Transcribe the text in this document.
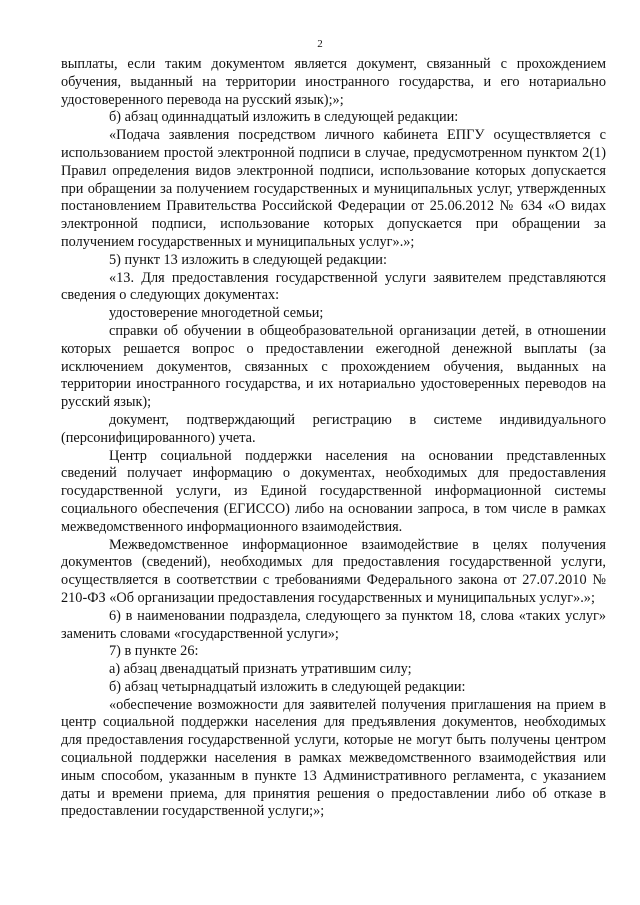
2

выплаты, если таким документом является документ, связанный с прохождением обучения, выданный на территории иностранного государства, и его нотариально удостоверенного перевода на русский язык);»;

б) абзац одиннадцатый изложить в следующей редакции:

«Подача заявления посредством личного кабинета ЕПГУ осуществляется с использованием простой электронной подписи в случае, предусмотренном пунктом 2(1) Правил определения видов электронной подписи, использование которых допускается при обращении за получением государственных и муниципальных услуг, утвержденных постановлением Правительства Российской Федерации от 25.06.2012 № 634 «О видах электронной подписи, использование которых допускается при обращении за получением государственных и муниципальных услуг».»;

5) пункт 13 изложить в следующей редакции:

«13. Для предоставления государственной услуги заявителем представляются сведения о следующих документах:

удостоверение многодетной семьи;

справки об обучении в общеобразовательной организации детей, в отношении которых решается вопрос о предоставлении ежегодной денежной выплаты (за исключением документов, связанных с прохождением обучения, выданных на территории иностранного государства, и их нотариально удостоверенных переводов на русский язык);

документ, подтверждающий регистрацию в системе индивидуального (персонифицированного) учета.

Центр социальной поддержки населения на основании представленных сведений получает информацию о документах, необходимых для предоставления государственной услуги, из Единой государственной информационной системы социального обеспечения (ЕГИССО) либо на основании запроса, в том числе в рамках межведомственного информационного взаимодействия.

Межведомственное информационное взаимодействие в целях получения документов (сведений), необходимых для предоставления государственной услуги, осуществляется в соответствии с требованиями Федерального закона от 27.07.2010 № 210-ФЗ «Об организации предоставления государственных и муниципальных услуг».»;

6) в наименовании подраздела, следующего за пунктом 18, слова «таких услуг» заменить словами «государственной услуги»;

7) в пункте 26:

а) абзац двенадцатый признать утратившим силу;

б) абзац четырнадцатый изложить в следующей редакции:

«обеспечение возможности для заявителей получения приглашения на прием в центр социальной поддержки населения для предъявления документов, необходимых для предоставления государственной услуги, которые не могут быть получены центром социальной поддержки населения в рамках межведомственного взаимодействия или иным способом, указанным в пункте 13 Административного регламента, с указанием даты и времени приема, для принятия решения о предоставлении либо об отказе в предоставлении государственной услуги;»;
